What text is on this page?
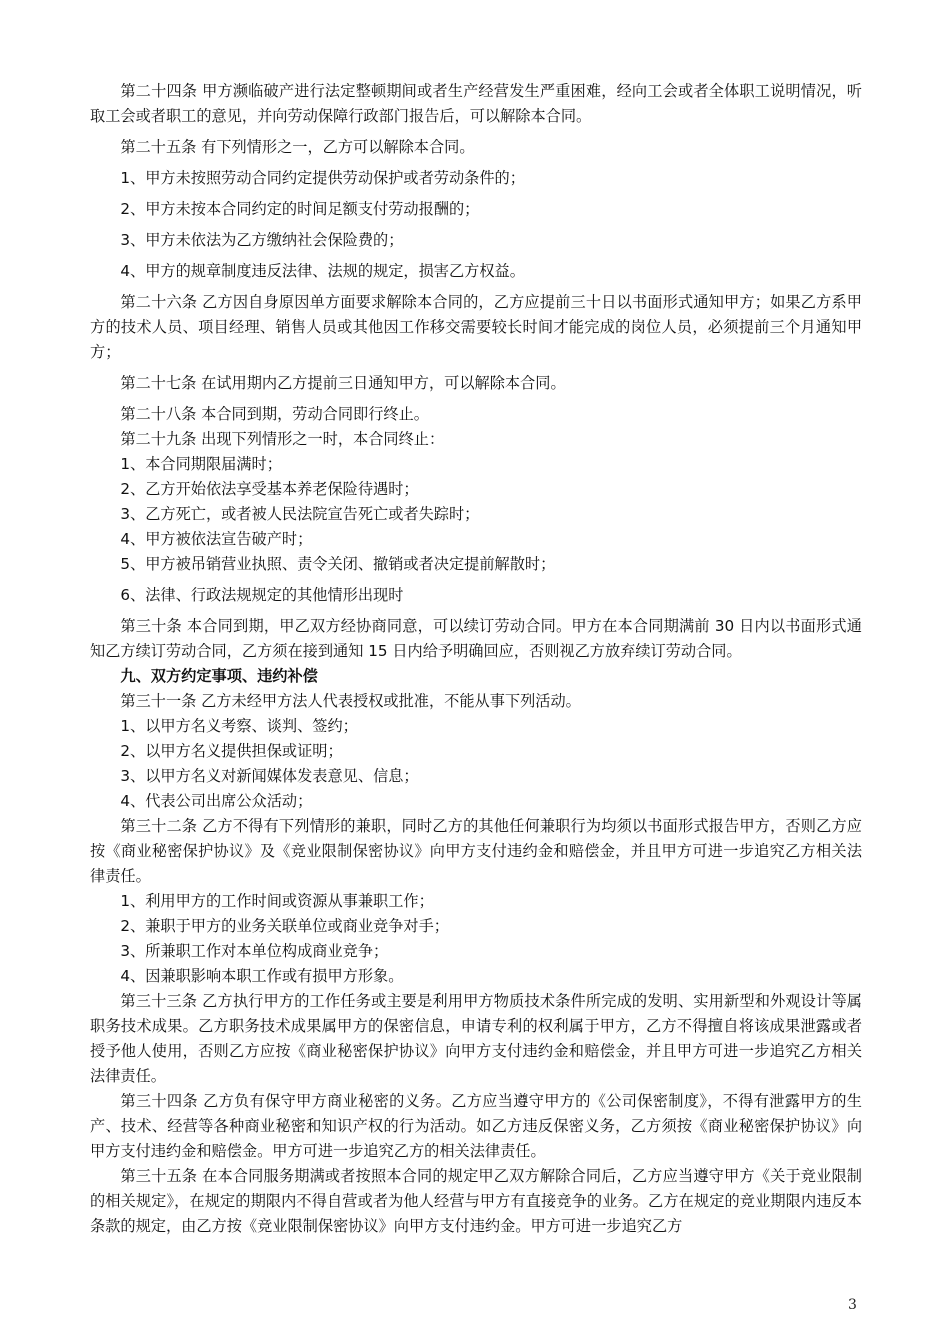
第二十四条 甲方濒临破产进行法定整顿期间或者生产经营发生严重困难，经向工会或者全体职工说明情况，听取工会或者职工的意见，并向劳动保障行政部门报告后，可以解除本合同。

第二十五条 有下列情形之一，乙方可以解除本合同。

1、甲方未按照劳动合同约定提供劳动保护或者劳动条件的；

2、甲方未按本合同约定的时间足额支付劳动报酬的；

3、甲方未依法为乙方缴纳社会保险费的；

4、甲方的规章制度违反法律、法规的规定，损害乙方权益。

第二十六条 乙方因自身原因单方面要求解除本合同的，乙方应提前三十日以书面形式通知甲方；如果乙方系甲方的技术人员、项目经理、销售人员或其他因工作移交需要较长时间才能完成的岗位人员，必须提前三个月通知甲方；

第二十七条 在试用期内乙方提前三日通知甲方，可以解除本合同。

第二十八条 本合同到期，劳动合同即行终止。

第二十九条 出现下列情形之一时，本合同终止：

1、本合同期限届满时；

2、乙方开始依法享受基本养老保险待遇时；

3、乙方死亡，或者被人民法院宣告死亡或者失踪时；

4、甲方被依法宣告破产时；

5、甲方被吊销营业执照、责令关闭、撤销或者决定提前解散时；

6、法律、行政法规规定的其他情形出现时

第三十条 本合同到期，甲乙双方经协商同意，可以续订劳动合同。甲方在本合同期满前 30 日内以书面形式通知乙方续订劳动合同，乙方须在接到通知 15 日内给予明确回应，否则视乙方放弃续订劳动合同。

九、双方约定事项、违约补偿

第三十一条 乙方未经甲方法人代表授权或批准，不能从事下列活动。

1、以甲方名义考察、谈判、签约；

2、以甲方名义提供担保或证明；

3、以甲方名义对新闻媒体发表意见、信息；

4、代表公司出席公众活动；

第三十二条 乙方不得有下列情形的兼职，同时乙方的其他任何兼职行为均须以书面形式报告甲方，否则乙方应按《商业秘密保护协议》及《竞业限制保密协议》向甲方支付违约金和赔偿金，并且甲方可进一步追究乙方相关法律责任。

1、利用甲方的工作时间或资源从事兼职工作；

2、兼职于甲方的业务关联单位或商业竞争对手；

3、所兼职工作对本单位构成商业竞争；

4、因兼职影响本职工作或有损甲方形象。

第三十三条 乙方执行甲方的工作任务或主要是利用甲方物质技术条件所完成的发明、实用新型和外观设计等属职务技术成果。乙方职务技术成果属甲方的保密信息，申请专利的权利属于甲方，乙方不得擅自将该成果泄露或者授予他人使用，否则乙方应按《商业秘密保护协议》向甲方支付违约金和赔偿金，并且甲方可进一步追究乙方相关法律责任。

第三十四条 乙方负有保守甲方商业秘密的义务。乙方应当遵守甲方的《公司保密制度》，不得有泄露甲方的生产、技术、经营等各种商业秘密和知识产权的行为活动。如乙方违反保密义务，乙方须按《商业秘密保护协议》向甲方支付违约金和赔偿金。甲方可进一步追究乙方的相关法律责任。

第三十五条 在本合同服务期满或者按照本合同的规定甲乙双方解除合同后，乙方应当遵守甲方《关于竞业限制的相关规定》，在规定的期限内不得自营或者为他人经营与甲方有直接竞争的业务。乙方在规定的竞业期限内违反本条款的规定，由乙方按《竞业限制保密协议》向甲方支付违约金。甲方可进一步追究乙方

3
